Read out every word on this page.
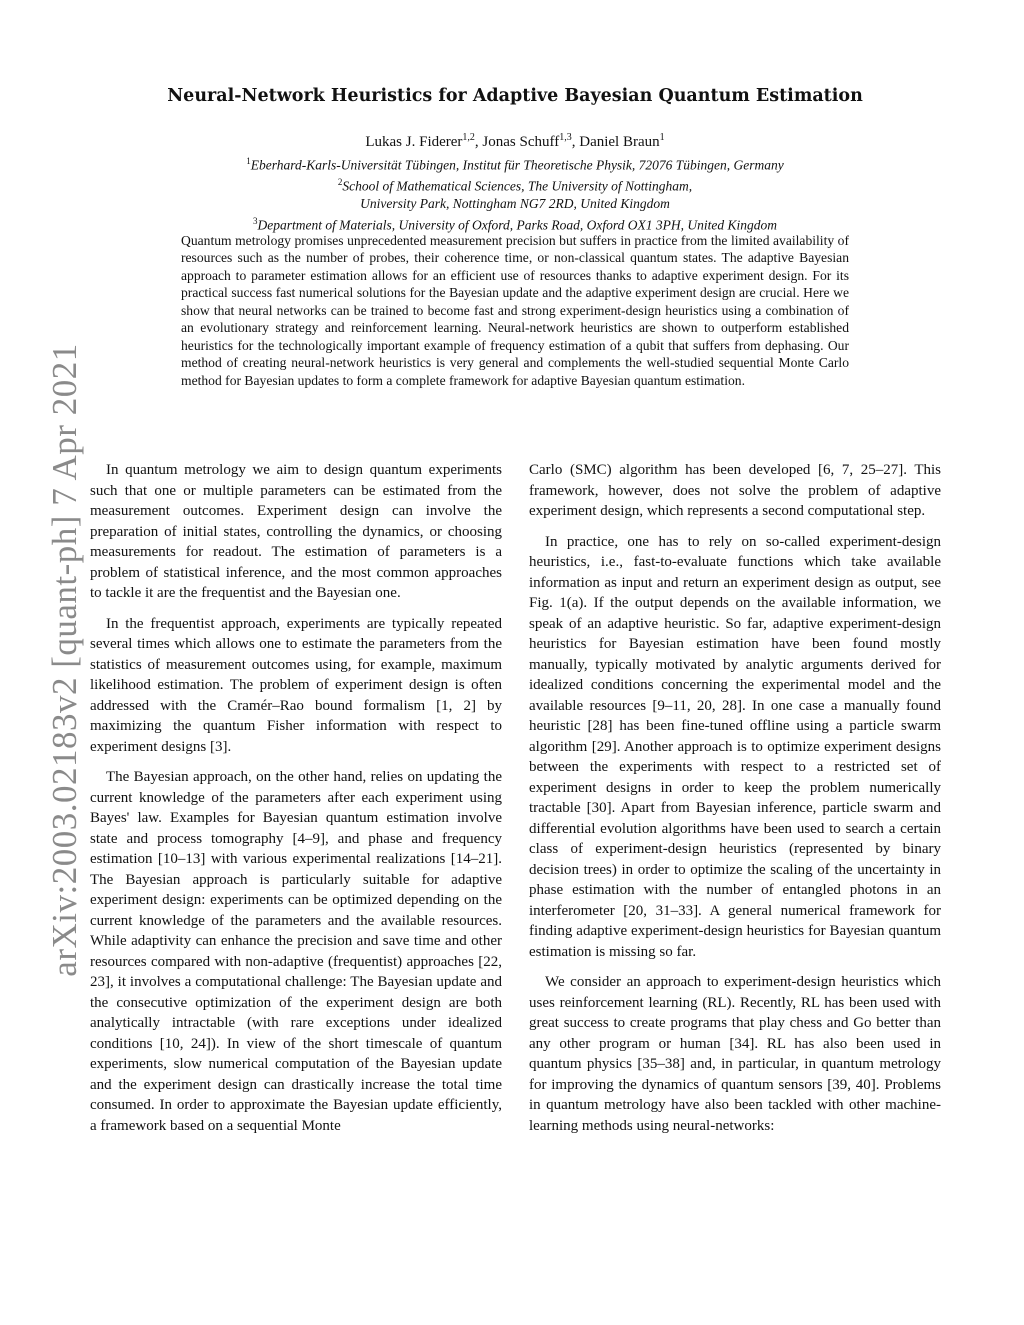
arXiv:2003.02183v2 [quant-ph] 7 Apr 2021
Neural-Network Heuristics for Adaptive Bayesian Quantum Estimation
Lukas J. Fiderer$^{1,2}$, Jonas Schuff$^{1,3}$, Daniel Braun$^1$
$^1$Eberhard-Karls-Universität Tübingen, Institut für Theoretische Physik, 72076 Tübingen, Germany
$^2$School of Mathematical Sciences, The University of Nottingham,
University Park, Nottingham NG7 2RD, United Kingdom
$^3$Department of Materials, University of Oxford, Parks Road, Oxford OX1 3PH, United Kingdom

Quantum metrology promises unprecedented measurement precision but suffers in practice from the limited availability of resources such as the number of probes, their coherence time, or non-classical quantum states. The adaptive Bayesian approach to parameter estimation allows for an efficient use of resources thanks to adaptive experiment design. For its practical success fast numerical solutions for the Bayesian update and the adaptive experiment design are crucial. Here we show that neural networks can be trained to become fast and strong experiment-design heuristics using a combination of an evolutionary strategy and reinforcement learning. Neural-network heuristics are shown to outperform established heuristics for the technologically important example of frequency estimation of a qubit that suffers from dephasing. Our method of creating neural-network heuristics is very general and complements the well-studied sequential Monte Carlo method for Bayesian updates to form a complete framework for adaptive Bayesian quantum estimation.

In quantum metrology we aim to design quantum experiments such that one or multiple parameters can be estimated from the measurement outcomes. Experiment design can involve the preparation of initial states, controlling the dynamics, or choosing measurements for readout. The estimation of parameters is a problem of statistical inference, and the most common approaches to tackle it are the frequentist and the Bayesian one.

In the frequentist approach, experiments are typically repeated several times which allows one to estimate the parameters from the statistics of measurement outcomes using, for example, maximum likelihood estimation. The problem of experiment design is often addressed with the Cramér–Rao bound formalism [1, 2] by maximizing the quantum Fisher information with respect to experiment designs [3].

The Bayesian approach, on the other hand, relies on updating the current knowledge of the parameters after each experiment using Bayes' law. Examples for Bayesian quantum estimation involve state and process tomography [4–9], and phase and frequency estimation [10–13] with various experimental realizations [14–21]. The Bayesian approach is particularly suitable for adaptive experiment design: experiments can be optimized depending on the current knowledge of the parameters and the available resources. While adaptivity can enhance the precision and save time and other resources compared with non-adaptive (frequentist) approaches [22, 23], it involves a computational challenge: The Bayesian update and the consecutive optimization of the experiment design are both analytically intractable (with rare exceptions under idealized conditions [10, 24]). In view of the short timescale of quantum experiments, slow numerical computation of the Bayesian update and the experiment design can drastically increase the total time consumed. In order to approximate the Bayesian update efficiently, a framework based on a sequential Monte

Carlo (SMC) algorithm has been developed [6, 7, 25–27]. This framework, however, does not solve the problem of adaptive experiment design, which represents a second computational step.

In practice, one has to rely on so-called experiment-design heuristics, i.e., fast-to-evaluate functions which take available information as input and return an experiment design as output, see Fig. 1(a). If the output depends on the available information, we speak of an adaptive heuristic. So far, adaptive experiment-design heuristics for Bayesian estimation have been found mostly manually, typically motivated by analytic arguments derived for idealized conditions concerning the experimental model and the available resources [9–11, 20, 28]. In one case a manually found heuristic [28] has been fine-tuned offline using a particle swarm algorithm [29]. Another approach is to optimize experiment designs between the experiments with respect to a restricted set of experiment designs in order to keep the problem numerically tractable [30]. Apart from Bayesian inference, particle swarm and differential evolution algorithms have been used to search a certain class of experiment-design heuristics (represented by binary decision trees) in order to optimize the scaling of the uncertainty in phase estimation with the number of entangled photons in an interferometer [20, 31–33]. A general numerical framework for finding adaptive experiment-design heuristics for Bayesian quantum estimation is missing so far.

We consider an approach to experiment-design heuristics which uses reinforcement learning (RL). Recently, RL has been used with great success to create programs that play chess and Go better than any other program or human [34]. RL has also been used in quantum physics [35–38] and, in particular, in quantum metrology for improving the dynamics of quantum sensors [39, 40]. Problems in quantum metrology have also been tackled with other machine-learning methods using neural-networks:
